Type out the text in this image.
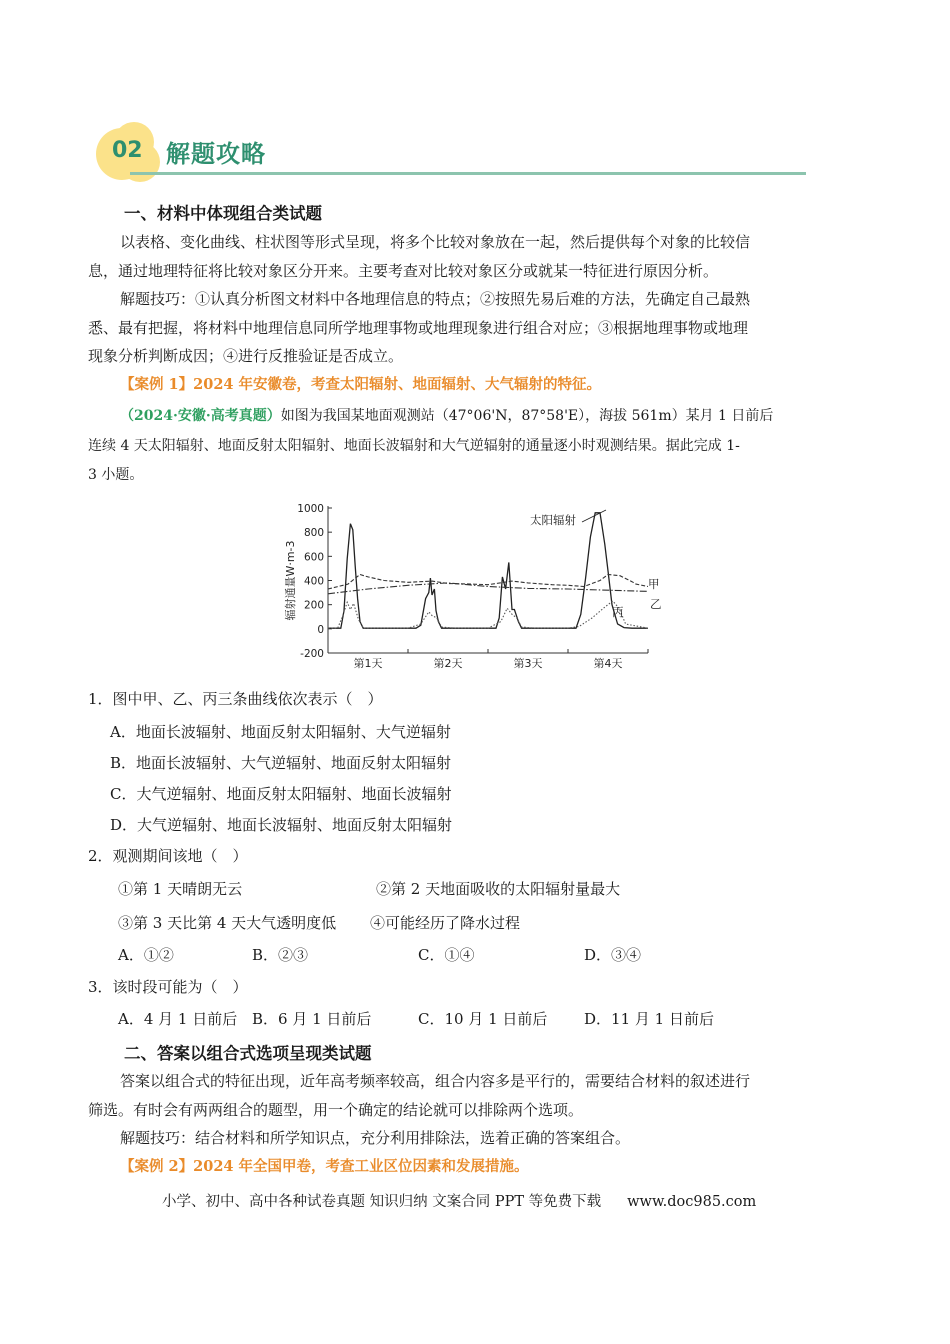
02 解题攻略
一、材料中体现组合类试题
以表格、变化曲线、柱状图等形式呈现，将多个比较对象放在一起，然后提供每个对象的比较信
息，通过地理特征将比较对象区分开来。主要考查对比较对象区分或就某一特征进行原因分析。
解题技巧：①认真分析图文材料中各地理信息的特点；②按照先易后难的方法，先确定自己最熟
悉、最有把握，将材料中地理信息同所学地理事物或地理现象进行组合对应；③根据地理事物或地理
现象分析判断成因；④进行反推验证是否成立。
【案例 1】2024 年安徽卷，考查太阳辐射、地面辐射、大气辐射的特征。
（2024·安徽·高考真题）如图为我国某地面观测站（47°06'N，87°58'E），海拔 561m）某月 1 日前后
连续 4 天太阳辐射、地面反射太阳辐射、地面长波辐射和大气逆辐射的通量逐小时观测结果。据此完成 1-
3 小题。
1000
800
600
400
200
0
-200
第1天	第2天	第3天	第4天
辐射通量W·m-3
太阳辐射
甲
乙
丙
1．图中甲、乙、丙三条曲线依次表示（　）
A．地面长波辐射、地面反射太阳辐射、大气逆辐射
B．地面长波辐射、大气逆辐射、地面反射太阳辐射
C．大气逆辐射、地面反射太阳辐射、地面长波辐射
D．大气逆辐射、地面长波辐射、地面反射太阳辐射
2．观测期间该地（　）
①第 1 天晴朗无云	②第 2 天地面吸收的太阳辐射量最大
③第 3 天比第 4 天大气透明度低 ④可能经历了降水过程
A．①②	B．②③	C．①④	D．③④
3．该时段可能为（　）
A．4 月 1 日前后 B．6 月 1 日前后	C．10 月 1 日前后 D．11 月 1 日前后
二、答案以组合式选项呈现类试题
答案以组合式的特征出现，近年高考频率较高，组合内容多是平行的，需要结合材料的叙述进行
筛选。有时会有两两组合的题型，用一个确定的结论就可以排除两个选项。
解题技巧：结合材料和所学知识点，充分利用排除法，选着正确的答案组合。
【案例 2】2024 年全国甲卷，考查工业区位因素和发展措施。
小学、初中、高中各种试卷真题 知识归纳 文案合同 PPT 等免费下载 www.doc985.com
